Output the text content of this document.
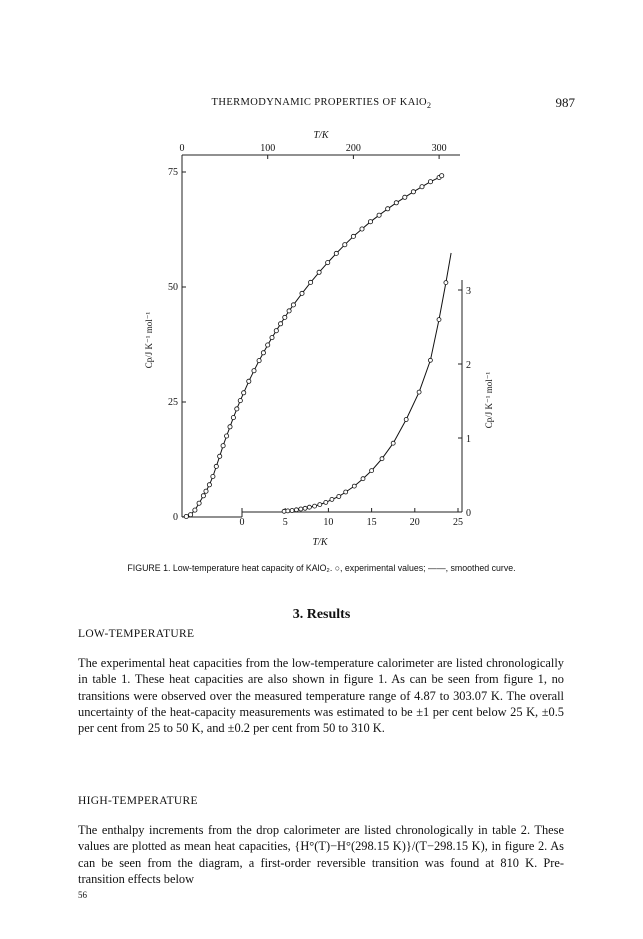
THERMODYNAMIC PROPERTIES OF KAlO$_2$	987
0	100	200	300
T/K
0
25
50
75
Cp/J K⁻¹ mol⁻¹
0	5	10	15	20	25
T/K
0
1
2
3
Cp/J K⁻¹ mol⁻¹
FIGURE 1. Low-temperature heat capacity of KAlO₂. ○, experimental values; ——, smoothed curve.
3. Results
LOW-TEMPERATURE

The experimental heat capacities from the low-temperature calorimeter are listed chronologically in table 1. These heat capacities are also shown in figure 1. As can be seen from figure 1, no transitions were observed over the measured temperature range of 4.87 to 303.07 K. The overall uncertainty of the heat-capacity measurements was estimated to be ±1 per cent below 25 K, ±0.5 per cent from 25 to 50 K, and ±0.2 per cent from 50 to 310 K.

HIGH-TEMPERATURE

The enthalpy increments from the drop calorimeter are listed chronologically in table 2. These values are plotted as mean heat capacities, {H°(T)−H°(298.15 K)}/(T−298.15 K), in figure 2. As can be seen from the diagram, a first-order reversible transition was found at 810 K. Pre-transition effects below

56
